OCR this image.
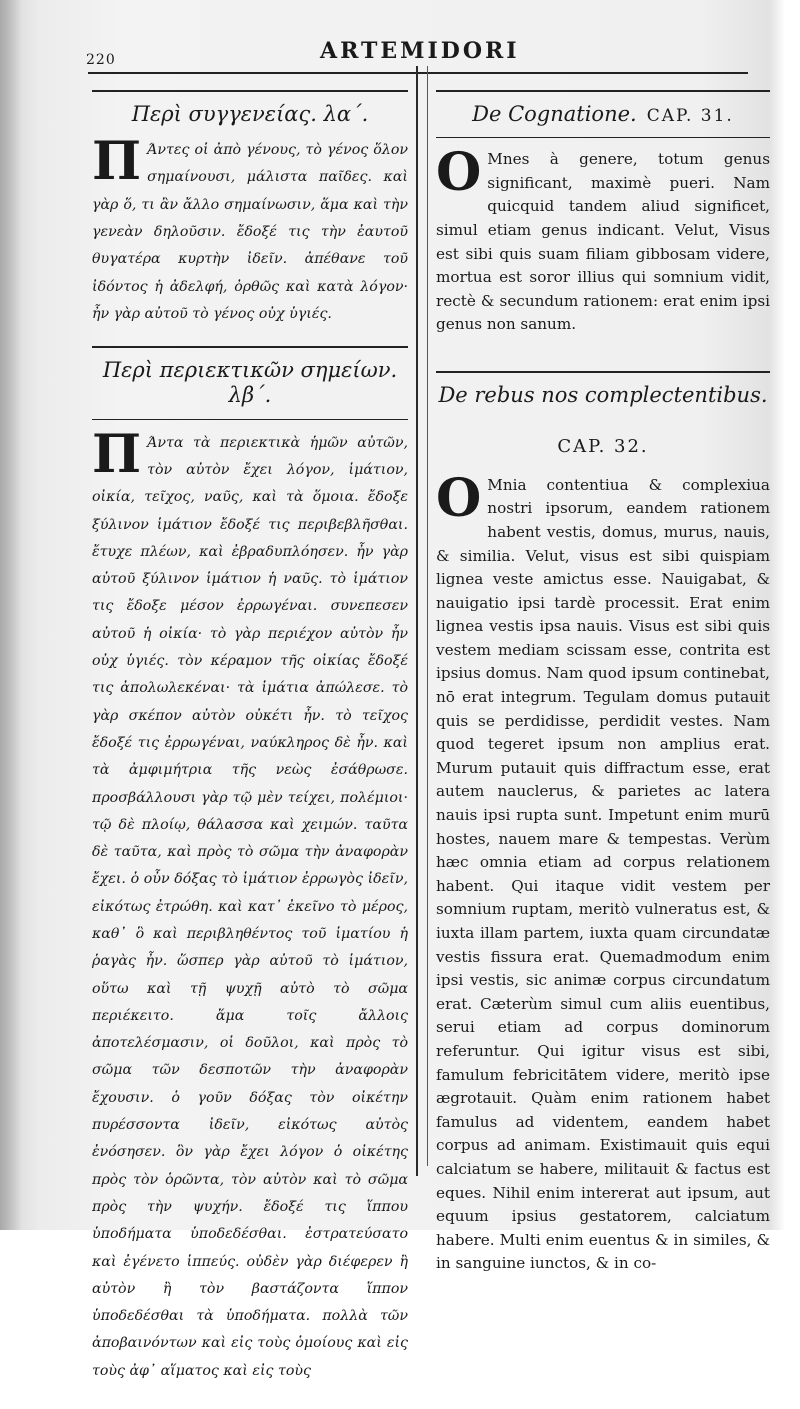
220	ARTEMIDORI
Περὶ συγγενείας. λα´.

Π Άντες οἱ ἀπὸ γένους, τὸ γένος ὅλον σημαίνουσι, μάλιστα παῖδες. καὶ γὰρ ὅ, τι ἂν ἄλλο σημαίνωσιν, ἅμα καὶ τὴν γενεὰν δηλοῦσιν. ἔδοξέ τις τὴν ἑαυτοῦ θυγατέρα κυρτὴν ἰδεῖν. ἀπέθανε τοῦ ἰδόντος ἡ ἀδελφή, ὀρθῶς καὶ κατὰ λόγον· ἦν γὰρ αὐτοῦ τὸ γένος οὐχ ὑγιές.

Περὶ περιεκτικῶν σημείων. λβ´.

Π Άντα τὰ περιεκτικὰ ἡμῶν αὐτῶν, τὸν αὐτὸν ἔχει λόγον, ἱμάτιον, οἰκία, τεῖχος, ναῦς, καὶ τὰ ὅμοια. ἔδοξε ξύλινον ἱμάτιον ἔδοξέ τις περιβεβλῆσθαι. ἔτυχε πλέων, καὶ ἐβραδυπλόησεν. ἦν γὰρ αὐτοῦ ξύλινον ἱμάτιον ἡ ναῦς. τὸ ἱμάτιον τις ἔδοξε μέσον ἐρρωγέναι. συνεπεσεν αὐτοῦ ἡ οἰκία· τὸ γὰρ περιέχον αὐτὸν ἦν οὐχ ὑγιές. τὸν κέραμον τῆς οἰκίας ἔδοξέ τις ἀπολωλεκέναι· τὰ ἱμάτια ἀπώλεσε. τὸ γὰρ σκέπον αὐτὸν οὐκέτι ἦν. τὸ τεῖχος ἔδοξέ τις ἐρρωγέναι, ναύκληρος δὲ ἦν. καὶ τὰ ἀμφιμήτρια τῆς νεὼς ἐσάθρωσε. προσβάλλουσι γὰρ τῷ μὲν τείχει, πολέμιοι· τῷ δὲ πλοίῳ, θάλασσα καὶ χειμών. ταῦτα δὲ ταῦτα, καὶ πρὸς τὸ σῶμα τὴν ἀναφορὰν ἔχει. ὁ οὖν δόξας τὸ ἱμάτιον ἐρρωγὸς ἰδεῖν, εἰκότως ἐτρώθη. καὶ κατ᾽ ἐκεῖνο τὸ μέρος, καθ᾽ ὃ καὶ περιβληθέντος τοῦ ἱματίου ἡ ῥαγὰς ἦν. ὥσπερ γὰρ αὐτοῦ τὸ ἱμάτιον, οὕτω καὶ τῇ ψυχῇ αὐτὸ τὸ σῶμα περιέκειτο. ἅμα τοῖς ἄλλοις ἀποτελέσμασιν, οἱ δοῦλοι, καὶ πρὸς τὸ σῶμα τῶν δεσποτῶν τὴν ἀναφορὰν ἔχουσιν. ὁ γοῦν δόξας τὸν οἰκέτην πυρέσσοντα ἰδεῖν, εἰκότως αὐτὸς ἐνόσησεν. ὃν γὰρ ἔχει λόγον ὁ οἰκέτης πρὸς τὸν ὁρῶντα, τὸν αὐτὸν καὶ τὸ σῶμα πρὸς τὴν ψυχήν. ἔδοξέ τις ἵππου ὑποδήματα ὑποδεδέσθαι. ἐστρατεύσατο καὶ ἐγένετο ἱππεύς. οὐδὲν γὰρ διέφερεν ἢ αὐτὸν ἢ τὸν βαστάζοντα ἵππον ὑποδεδέσθαι τὰ ὑποδήματα. πολλὰ τῶν ἀποβαινόντων καὶ εἰς τοὺς ὁμοίους καὶ εἰς τοὺς ἀφ᾽ αἵματος καὶ εἰς τοὺς

De Cognatione. CAP. 31.

O Mnes à genere, totum genus significant, maximè pueri. Nam quicquid tandem aliud significet, simul etiam genus indicant. Velut, Visus est sibi quis suam filiam gibbosam videre, mortua est soror illius qui somnium vidit, rectè & secundum rationem: erat enim ipsi genus non sanum.

De rebus nos complectentibus.
CAP. 32.

O Mnia contentiua & complexiua nostri ipsorum, eandem rationem habent vestis, domus, murus, nauis, & similia. Velut, visus est sibi quispiam lignea veste amictus esse. Nauigabat, & nauigatio ipsi tardè processit. Erat enim lignea vestis ipsa nauis. Visus est sibi quis vestem mediam scissam esse, contrita est ipsius domus. Nam quod ipsum continebat, nō erat integrum. Tegulam domus putauit quis se perdidisse, perdidit vestes. Nam quod tegeret ipsum non amplius erat. Murum putauit quis diffractum esse, erat autem nauclerus, & parietes ac latera nauis ipsi rupta sunt. Impetunt enim murū hostes, nauem mare & tempestas. Verùm hæc omnia etiam ad corpus relationem habent. Qui itaque vidit vestem per somnium ruptam, meritò vulneratus est, & iuxta illam partem, iuxta quam circundatæ vestis fissura erat. Quemadmodum enim ipsi vestis, sic animæ corpus circundatum erat. Cæterùm simul cum aliis euentibus, serui etiam ad corpus dominorum referuntur. Qui igitur visus est sibi, famulum febricitātem videre, meritò ipse ægrotauit. Quàm enim rationem habet famulus ad videntem, eandem habet corpus ad animam. Existimauit quis equi calciatum se habere, militauit & factus est eques. Nihil enim intererat aut ipsum, aut equum ipsius gestatorem, calciatum habere. Multi enim euentus & in similes, & in sanguine iunctos, & in co-
